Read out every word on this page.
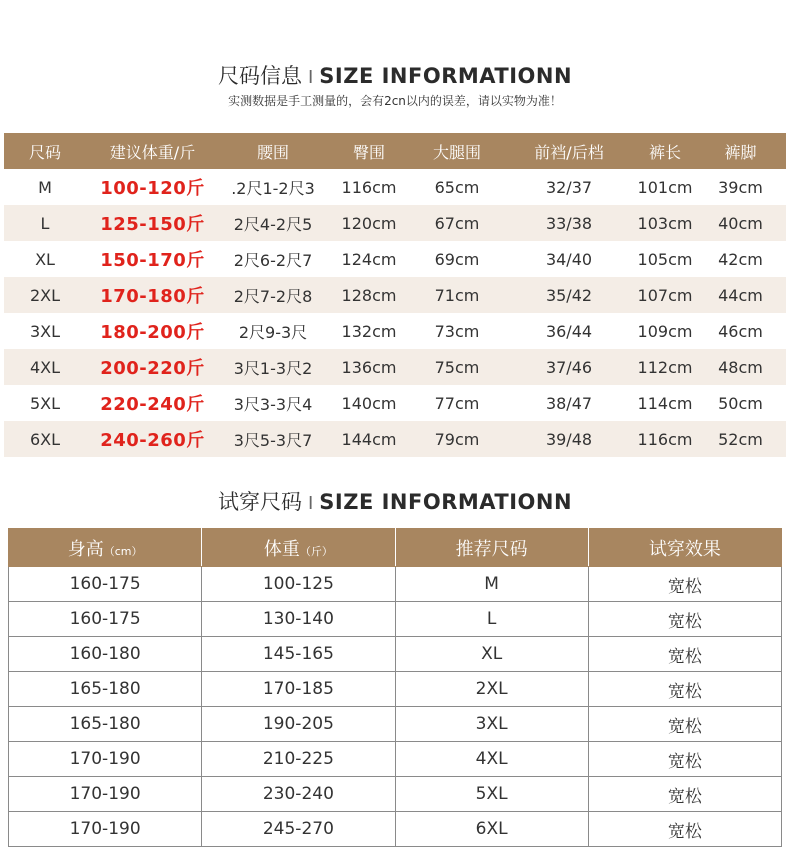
尺码信息 I SIZE INFORMATIONN
实测数据是手工测量的，会有2cn以内的误差，请以实物为准！
尺码	建议体重/斤	腰围	臀围	大腿围	前裆/后档	裤长	裤脚
M	100-120斤	.2尺1-2尺3	116cm	65cm	32/37	101cm	39cm
L	125-150斤	2尺4-2尺5	120cm	67cm	33/38	103cm	40cm
XL	150-170斤	2尺6-2尺7	124cm	69cm	34/40	105cm	42cm
2XL	170-180斤	2尺7-2尺8	128cm	71cm	35/42	107cm	44cm
3XL	180-200斤	2尺9-3尺	132cm	73cm	36/44	109cm	46cm
4XL	200-220斤	3尺1-3尺2	136cm	75cm	37/46	112cm	48cm
5XL	220-240斤	3尺3-3尺4	140cm	77cm	38/47	114cm	50cm
6XL	240-260斤	3尺5-3尺7	144cm	79cm	39/48	116cm	52cm
试穿尺码 I SIZE INFORMATIONN
身高（cm）	体重（斤）	推荐尺码	试穿效果
160-175	100-125	M	宽松
160-175	130-140	L	宽松
160-180	145-165	XL	宽松
165-180	170-185	2XL	宽松
165-180	190-205	3XL	宽松
170-190	210-225	4XL	宽松
170-190	230-240	5XL	宽松
170-190	245-270	6XL	宽松
